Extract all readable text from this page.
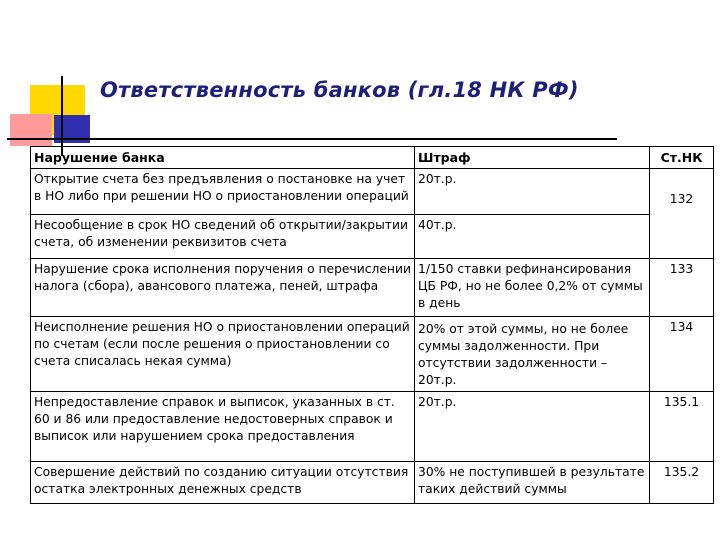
Ответственность банков (гл.18 НК РФ)
Нарушение банка	Штраф	Ст.НК
Открытие счета без предъявления о постановке на учет в НО либо при решении НО о приостановлении операций	20т.р.	132
Несообщение в срок НО сведений об открытии/закрытии счета, об изменении реквизитов счета	40т.р.	
Нарушение срока исполнения поручения о перечислении налога (сбора), авансового платежа, пеней, штрафа	1/150 ставки рефинансирования ЦБ РФ, но не более 0,2% от суммы в день	133
Неисполнение решения НО о приостановлении операций по счетам (если после решения о приостановлении со счета списалась некая сумма)	20% от этой суммы, но не более суммы задолженности. При отсутствии задолженности – 20т.р.	134
Непредоставление справок и выписок, указанных в ст. 60 и 86 или предоставление недостоверных справок и выписок или нарушением срока предоставления	20т.р.	135.1
Совершение действий по созданию ситуации отсутствия остатка электронных денежных средств	30% не поступившей в результате таких действий суммы	135.2
